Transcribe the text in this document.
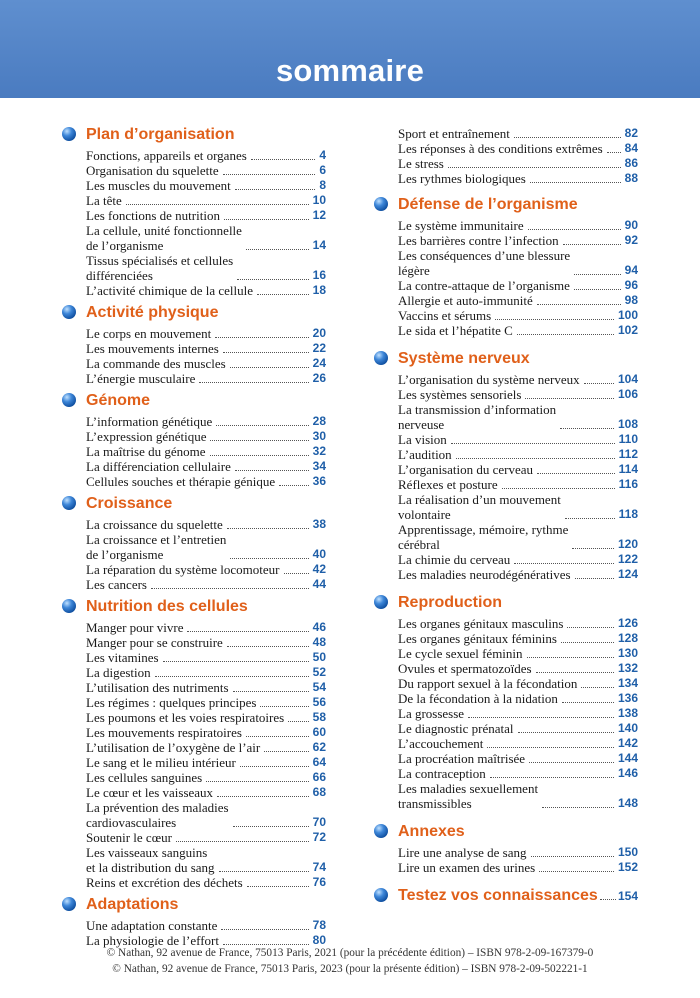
sommaire
Plan d’organisation
Fonctions, appareils et organes	4
Organisation du squelette	6
Les muscles du mouvement	8
La tête	10
Les fonctions de nutrition	12
La cellule, unité fonctionnelle
de l’organisme	14
Tissus spécialisés et cellules
différenciées	16
L’activité chimique de la cellule	18
Activité physique
Le corps en mouvement	20
Les mouvements internes	22
La commande des muscles	24
L’énergie musculaire	26
Génome
L’information génétique	28
L’expression génétique	30
La maîtrise du génome	32
La différenciation cellulaire	34
Cellules souches et thérapie génique	36
Croissance
La croissance du squelette	38
La croissance et l’entretien
de l’organisme	40
La réparation du système locomoteur	42
Les cancers	44
Nutrition des cellules
Manger pour vivre	46
Manger pour se construire	48
Les vitamines	50
La digestion	52
L’utilisation des nutriments	54
Les régimes : quelques principes	56
Les poumons et les voies respiratoires 58
Les mouvements respiratoires	60
L’utilisation de l’oxygène de l’air	62
Le sang et le milieu intérieur	64
Les cellules sanguines	66
Le cœur et les vaisseaux	68
La prévention des maladies
cardiovasculaires	70
Soutenir le cœur	72
Les vaisseaux sanguins
et la distribution du sang	74
Reins et excrétion des déchets	76
Adaptations
Une adaptation constante	78
La physiologie de l’effort	80
Sport et entraînement	82
Les réponses à des conditions extrêmes 84
Le stress	86
Les rythmes biologiques	88
Défense de l’organisme
Le système immunitaire	90
Les barrières contre l’infection	92
Les conséquences d’une blessure
légère	94
La contre-attaque de l’organisme	96
Allergie et auto-immunité	98
Vaccins et sérums	100
Le sida et l’hépatite C	102
Système nerveux
L’organisation du système nerveux	104
Les systèmes sensoriels	106
La transmission d’information
nerveuse	108
La vision	110
L’audition	112
L’organisation du cerveau	114
Réflexes et posture	116
La réalisation d’un mouvement
volontaire	118
Apprentissage, mémoire, rythme
cérébral	120
La chimie du cerveau	122
Les maladies neurodégénératives	124
Reproduction
Les organes génitaux masculins	126
Les organes génitaux féminins	128
Le cycle sexuel féminin	130
Ovules et spermatozoïdes	132
Du rapport sexuel à la fécondation	134
De la fécondation à la nidation	136
La grossesse	138
Le diagnostic prénatal	140
L’accouchement	142
La procréation maîtrisée	144
La contraception	146
Les maladies sexuellement
transmissibles	148
Annexes
Lire une analyse de sang	150
Lire un examen des urines	152
Testez vos connaissances 154
© Nathan, 92 avenue de France, 75013 Paris, 2021 (pour la précédente édition) – ISBN 978-2-09-167379-0
© Nathan, 92 avenue de France, 75013 Paris, 2023 (pour la présente édition) – ISBN 978-2-09-502221-1
